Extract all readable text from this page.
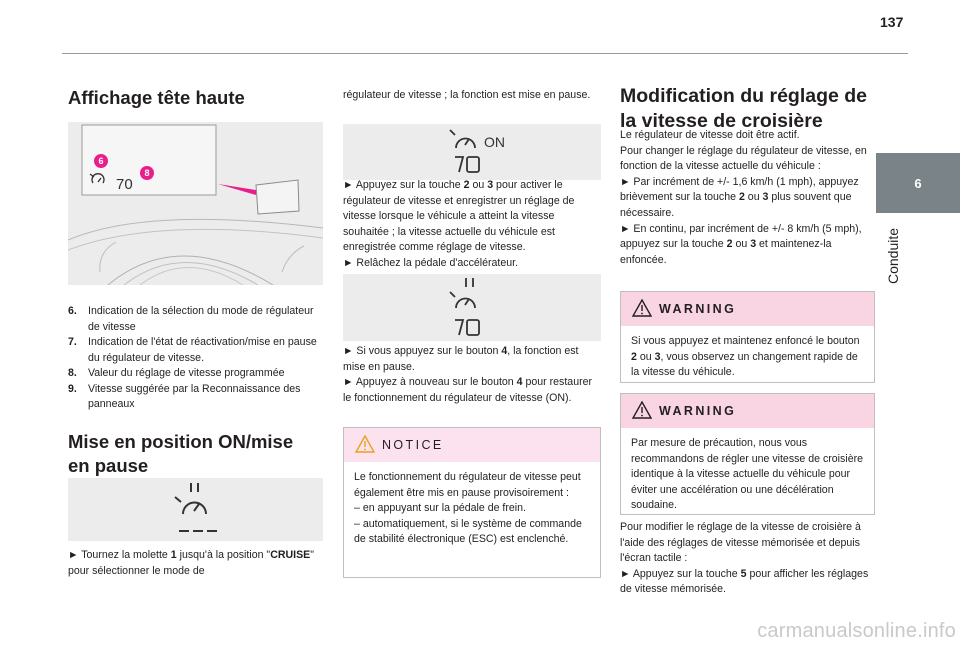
137
6
Conduite
Affichage tête haute
70
6
8
6.	Indication de la sélection du mode de régulateur de vitesse
7.	Indication de l'état de réactivation/mise en pause du régulateur de vitesse.
8.	Valeur du réglage de vitesse programmée
9.	Vitesse suggérée par la Reconnaissance des panneaux
Mise en position ON/mise
en pause

► Tournez la molette 1 jusqu'à la position "CRUISE" pour sélectionner le mode de

régulateur de vitesse ; la fonction est mise en pause.

ON

► Appuyez sur la touche 2 ou 3 pour activer le régulateur de vitesse et enregistrer un réglage de vitesse lorsque le véhicule a atteint la vitesse souhaitée ; la vitesse actuelle du véhicule est enregistrée comme réglage de vitesse.
► Relâchez la pédale d'accélérateur.

► Si vous appuyez sur le bouton 4, la fonction est mise en pause.
► Appuyez à nouveau sur le bouton 4 pour restaurer le fonctionnement du régulateur de vitesse (ON).

NOTICE
Le fonctionnement du régulateur de vitesse peut également être mis en pause provisoirement :
– en appuyant sur la pédale de frein.
– automatiquement, si le système de commande de stabilité électronique (ESC) est enclenché.
Modification du réglage de
la vitesse de croisière

Le régulateur de vitesse doit être actif.
Pour changer le réglage du régulateur de vitesse, en fonction de la vitesse actuelle du véhicule :
► Par incrément de +/- 1,6 km/h (1 mph), appuyez brièvement sur la touche 2 ou 3 plus souvent que nécessaire.
► En continu, par incrément de +/- 8 km/h (5 mph), appuyez sur la touche 2 ou 3 et maintenez-la enfoncée.

WARNING
Si vous appuyez et maintenez enfoncé le bouton 2 ou 3, vous observez un changement rapide de la vitesse du véhicule.
WARNING
Par mesure de précaution, nous vous recommandons de régler une vitesse de croisière identique à la vitesse actuelle du véhicule pour éviter une accélération ou une décélération soudaine.

Pour modifier le réglage de la vitesse de croisière à l'aide des réglages de vitesse mémorisée et depuis l'écran tactile :
► Appuyez sur la touche 5 pour afficher les réglages de vitesse mémorisée.

carmanualsonline.info
